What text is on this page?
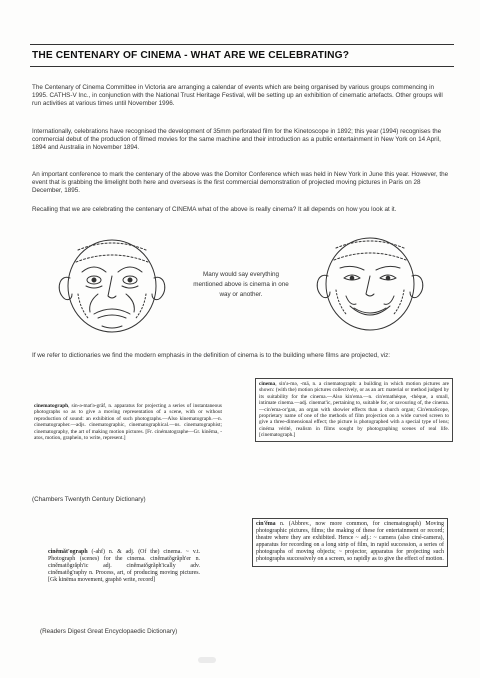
THE CENTENARY OF CINEMA - WHAT ARE WE CELEBRATING?

The Centenary of Cinema Committee in Victoria are arranging a calendar of events which are being organised by various groups commencing in 1995. CATHS-V Inc., in conjunction with the National Trust Heritage Festival, will be setting up an exhibition of cinematic artefacts. Other groups will run activities at various times until November 1996.

Internationally, celebrations have recognised the development of 35mm perforated film for the Kinetoscope in 1892; this year (1994) recognises the commercial debut of the production of filmed movies for the same machine and their introduction as a public entertainment in New York on 14 April, 1894 and Australia in November 1894.

An important conference to mark the centenary of the above was the Domitor Conference which was held in New York in June this year. However, the event that is grabbing the limelight both here and overseas is the first commercial demonstration of projected moving pictures in Paris on 28 December, 1895.

Recalling that we are celebrating the centenary of CINEMA what of the above is really cinema? It all depends on how you look at it.

Many would say everything mentioned above is cinema in one way or another.

If we refer to dictionaries we find the modern emphasis in the definition of cinema is to the building where films are projected, viz:

cinematograph, sin-ə-mat'ə-grâf, n. apparatus for projecting a series of instantaneous photographs so as to give a moving representation of a scene, with or without reproduction of sound: an exhibition of such photographs.—Also kinematograph.—n. cinematographer.—adjs. cinematographic, cinematographical.—ns. cinematographist; cinematography, the art of making motion pictures. [Fr. cinématographe—Gr. kinēma, -atos, motion, graphein, to write, represent.]

cinema, sin'ə-mə, -mä, n. a cinematograph: a building in which motion pictures are shown: (with the) motion pictures collectively, or as an art: material or method judged by its suitability for the cinema.—Also kin'ema.—n. cin'emathèque, -thèque, a small, intimate cinema.—adj. cinemat'ic, pertaining to, suitable for, or savouring of, the cinema.—cin'ema-or'gan, an organ with showier effects than a church organ; Cin'emaScope, proprietary name of one of the methods of film projection on a wide curved screen to give a three-dimensional effect; the picture is photographed with a special type of lens; cinéma vérité, realism in films sought by photographing scenes of real life. [cinematograph.]

(Chambers Twentyth Century Dictionary)

cinĕmăt'ograph (-ahf) n. & adj. (Of the) cinema. ~ v.t. Photograph (scenes) for the cinema. cinĕmatŏgrăph'er n. cinĕmatŏgrăph'ic adj. cinĕmatŏgrăph'ically adv. cinĕmatŏg'raphy n. Process, art, of producing moving pictures. [Gk kinēma movement, graphō write, record]

cin'ĕma n. (Abbrev., now more common, for cinematograph) Moving photographic pictures, films; the making of these for entertainment or record; theatre where they are exhibited. Hence ~ adj.: ~ camera (also ciné-camera), apparatus for recording on a long strip of film, in rapid succession, a series of photographs of moving objects; ~ projector, apparatus for projecting such photographs successively on a screen, so rapidly as to give the effect of motion.

(Readers Digest Great Encyclopaedic Dictionary)
